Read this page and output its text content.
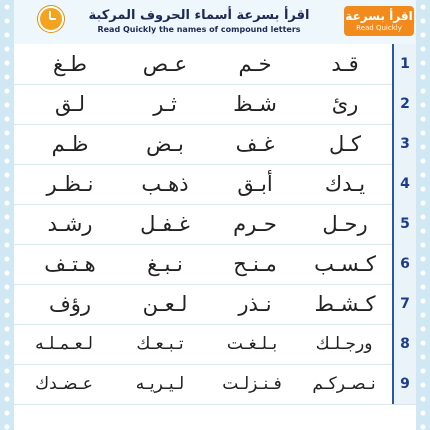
اقرأ بسرعة أسماء الحروف المركبة
Read Quickly the names of compound letters
اقرأ بسرعة
Read Quickly
1
قـد
خـم
عـص
طـغ
2
رئ
شـظ
ثـر
لـق
3
كـل
غـف
بـض
ظـم
4
يـدك
أبـق
ذهـب
نـظـر
5
رحـل
حـرم
غـفـل
رشـد
6
كـسـب
مـنـح
نـبـغ
هـتـف
7
كـشـط
نـذر
لـعـن
رؤف
8
ورجـلـك
بـلـغـت
تـبـعـك
لـعـمـلـه
9
نـصـركـم
فـنـزلـت
لـيـريـه
عـضـدك
